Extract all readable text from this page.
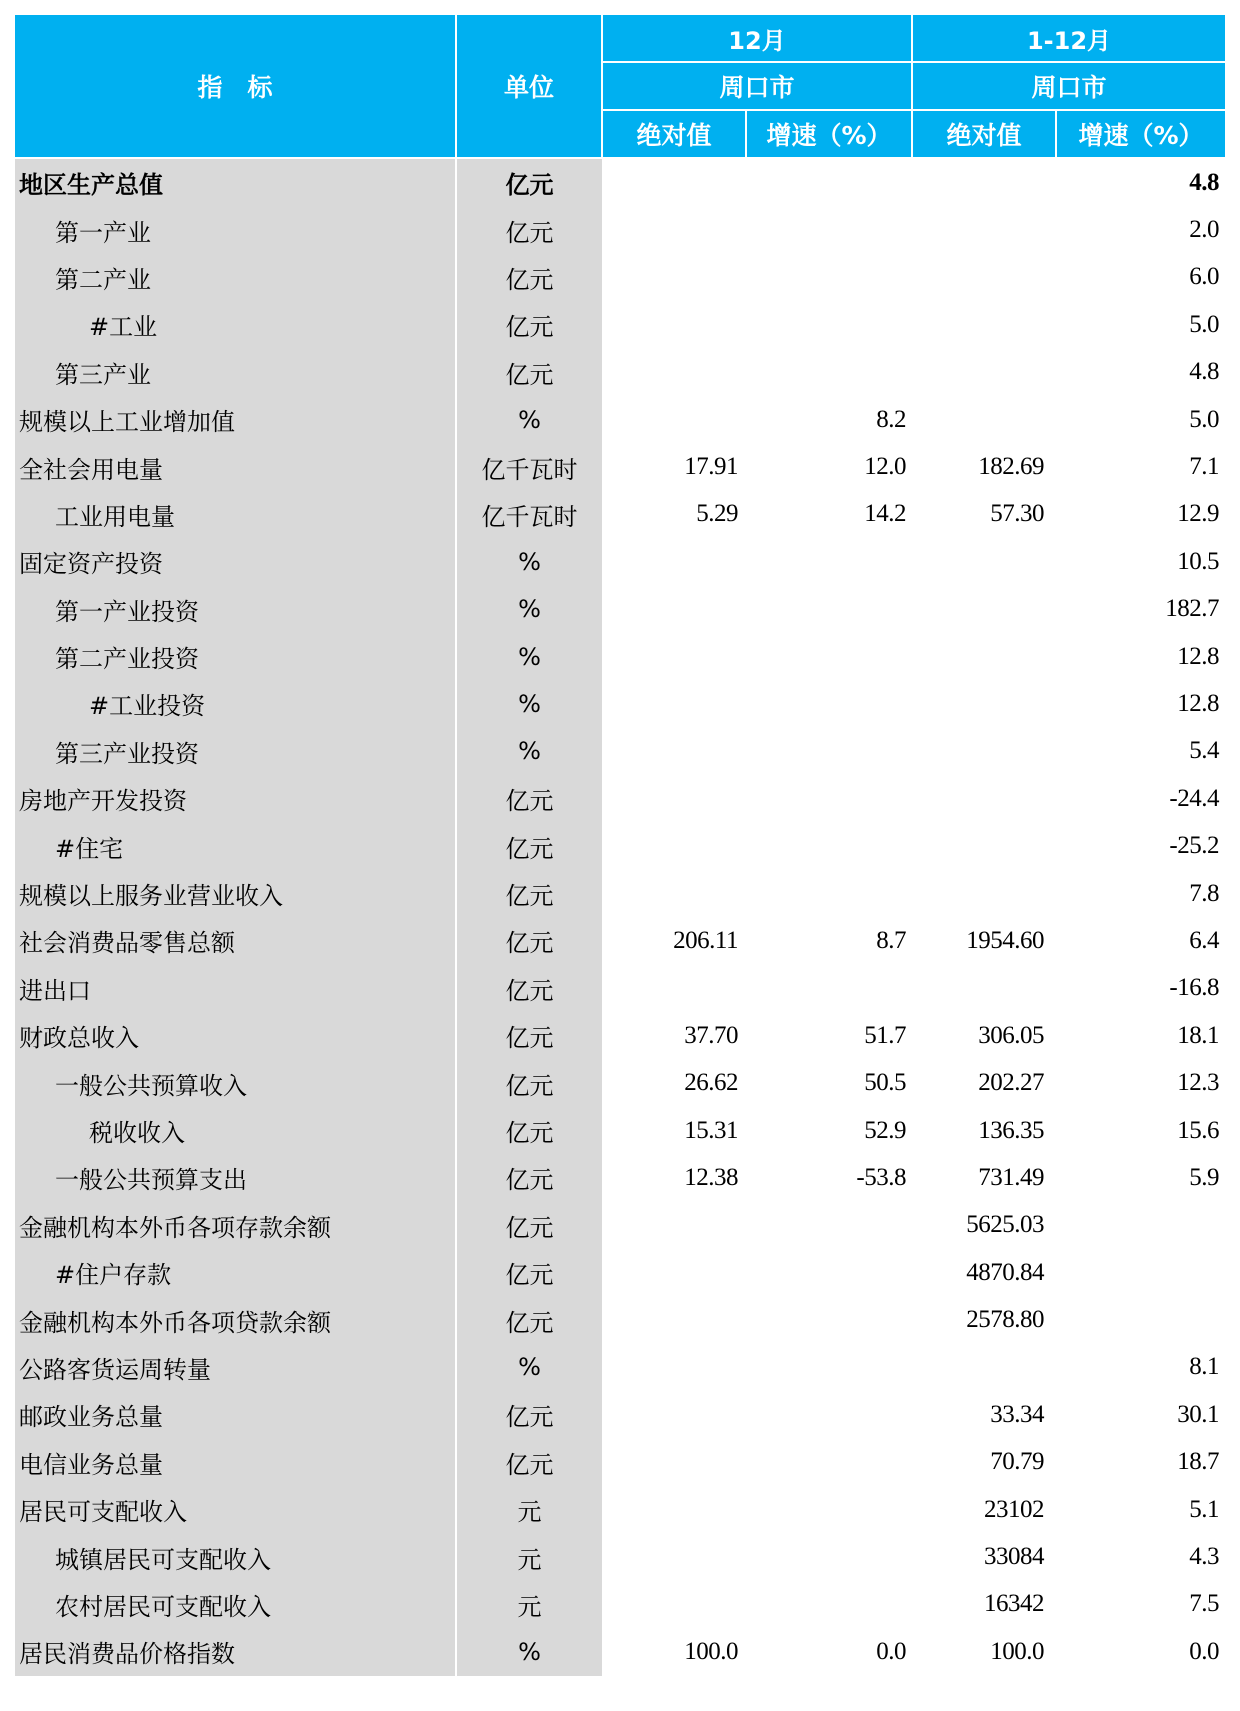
指　标	单位	12月		1-12月	
		周口市		周口市	
		绝对值	增速（%）	绝对值	增速（%）
地区生产总值	亿元				4.8
第一产业	亿元				2.0
第二产业	亿元				6.0
#工业	亿元				5.0
第三产业	亿元				4.8
规模以上工业增加值	%		8.2		5.0
全社会用电量	亿千瓦时	17.91	12.0	182.69	7.1
工业用电量	亿千瓦时	5.29	14.2	57.30	12.9
固定资产投资	%				10.5
第一产业投资	%				182.7
第二产业投资	%				12.8
#工业投资	%				12.8
第三产业投资	%				5.4
房地产开发投资	亿元				-24.4
#住宅	亿元				-25.2
规模以上服务业营业收入	亿元				7.8
社会消费品零售总额	亿元	206.11	8.7	1954.60	6.4
进出口	亿元				-16.8
财政总收入	亿元	37.70	51.7	306.05	18.1
一般公共预算收入	亿元	26.62	50.5	202.27	12.3
税收收入	亿元	15.31	52.9	136.35	15.6
一般公共预算支出	亿元	12.38	-53.8	731.49	5.9
金融机构本外币各项存款余额	亿元			5625.03	
#住户存款	亿元			4870.84	
金融机构本外币各项贷款余额	亿元			2578.80	
公路客货运周转量	%				8.1
邮政业务总量	亿元			33.34	30.1
电信业务总量	亿元			70.79	18.7
居民可支配收入	元			23102	5.1
城镇居民可支配收入	元			33084	4.3
农村居民可支配收入	元			16342	7.5
居民消费品价格指数	%	100.0	0.0	100.0	0.0
